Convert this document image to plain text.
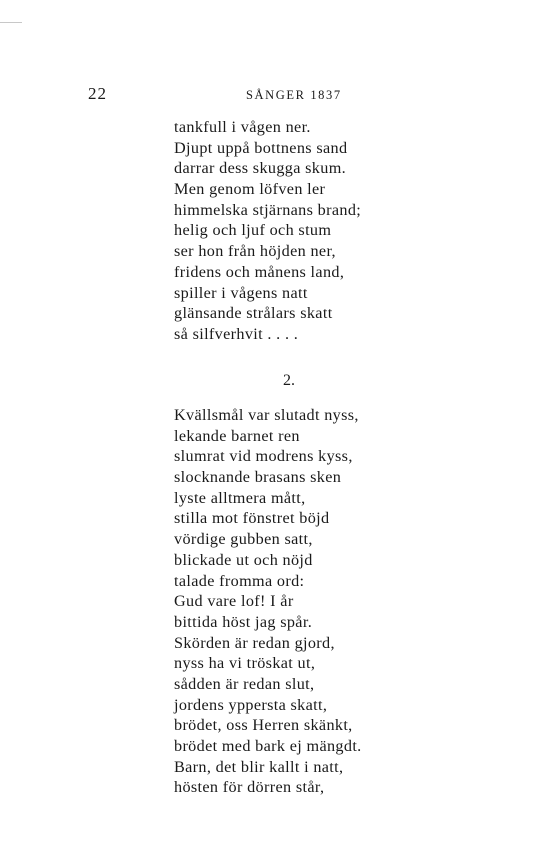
22	SÅNGER 1837
tankfull i vågen ner.
Djupt uppå bottnens sand
darrar dess skugga skum.
Men genom löfven ler
himmelska stjärnans brand;
helig och ljuf och stum
ser hon från höjden ner,
fridens och månens land,
spiller i vågens natt
glänsande strålars skatt
så silfverhvit . . . .
2.
Kvällsmål var slutadt nyss,
lekande barnet ren
slumrat vid modrens kyss,
slocknande brasans sken
lyste alltmera mått,
stilla mot fönstret böjd
vördige gubben satt,
blickade ut och nöjd
talade fromma ord:
Gud vare lof! I år
bittida höst jag spår.
Skörden är redan gjord,
nyss ha vi tröskat ut,
sådden är redan slut,
jordens yppersta skatt,
brödet, oss Herren skänkt,
brödet med bark ej mängdt.
Barn, det blir kallt i natt,
hösten för dörren står,
